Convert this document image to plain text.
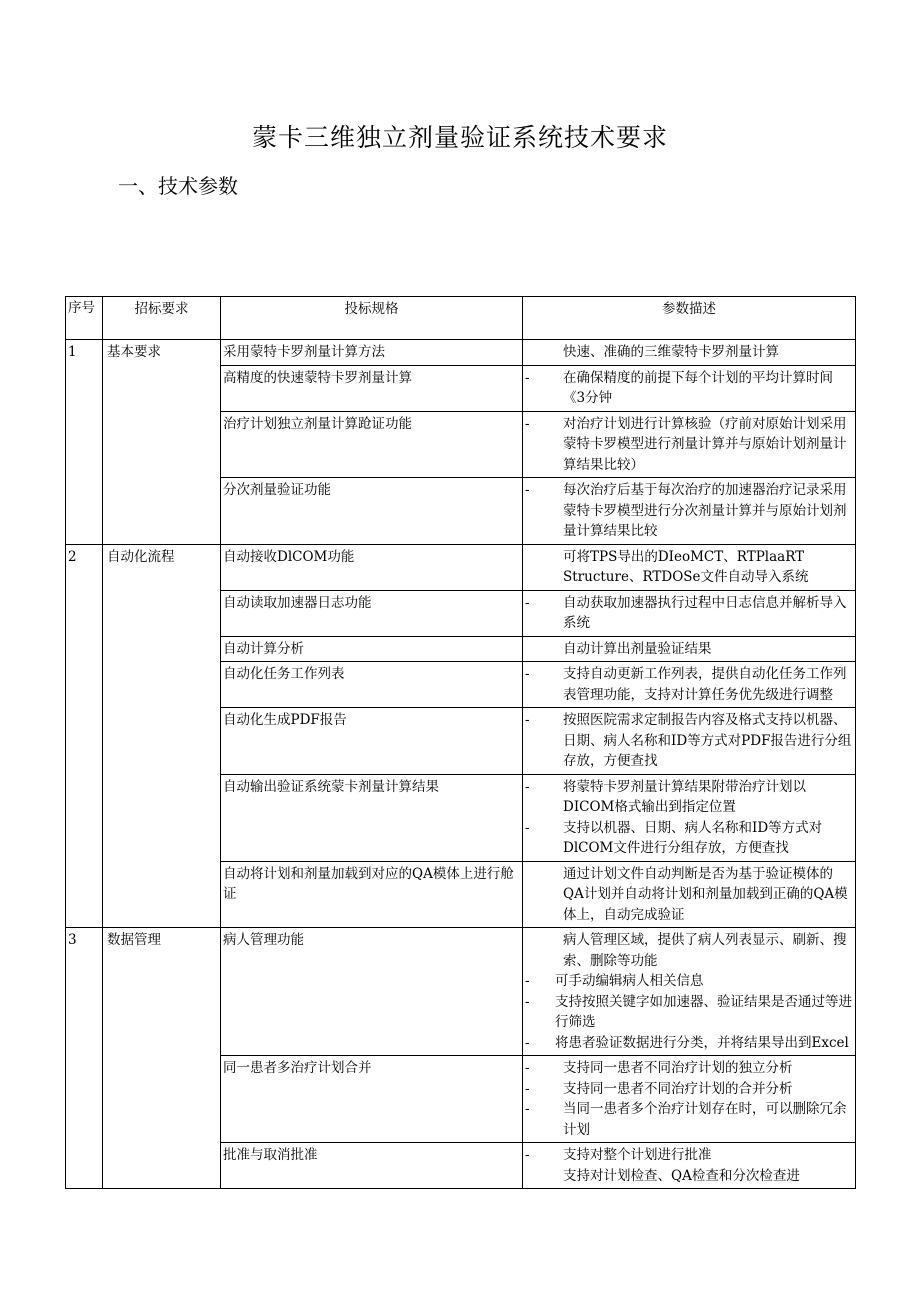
蒙卡三维独立剂量验证系统技术要求
一、技术参数
序号	招标要求	投标规格	参数描述
1	基本要求	采用蒙特卡罗剂量计算方法	快速、准确的三维蒙特卡罗剂量计算

		高精度的快速蒙特卡罗剂量计算	- 在确保精度的前提下每个计划的平均计算时间《3分钟

		治疗计划独立剂量计算跄证功能	- 对治疗计划进行计算核验（疗前对原始计划采用蒙特卡罗模型进行剂量计算并与原始计划剂量计算结果比较）

		分次剂量验证功能	- 每次治疗后基于每次治疗的加速器治疗记录采用蒙特卡罗模型进行分次剂量计算并与原始计划剂量计算结果比较

2	自动化流程	自动接收DlCOM功能	可将TPS导出的DIeoMCT、RTPlaaRT Structure、RTDOSe文件自动导入系统

		自动读取加速器日志功能	- 自动获取加速器执行过程中日志信息并解析导入系统

		自动计算分析	自动计算出剂量验证结果

		自动化任务工作列表	- 支持自动更新工作列表，提供自动化任务工作列表管理功能，支持对计算任务优先级进行调整

		自动化生成PDF报告	- 按照医院需求定制报告内容及格式支持以机器、日期、病人名称和ID等方式对PDF报告进行分组存放，方便查找

		自动输出验证系统蒙卡剂量计算结果	- 将蒙特卡罗剂量计算结果附带治疗计划以DICOM格式输出到指定位置
- 支持以机器、日期、病人名称和ID等方式对DlCOM文件进行分组存放，方便查找

		自动将计划和剂量加载到对应的QA模体上进行舱证	通过计划文件自动判断是否为基于验证模体的QA计划并自动将计划和剂量加载到正确的QA模体上，自动完成验证

3	数据管理	病人管理功能	病人管理区域，提供了病人列表显示、刷新、搜索、删除等功能
- 可手动编辑病人相关信息
- 支持按照关键字如加速器、验证结果是否通过等进行筛选
- 将患者验证数据进行分类，并将结果导出到Excel

		同一患者多治疗计划合并	- 支持同一患者不同治疗计划的独立分析
- 支持同一患者不同治疗计划的合并分析
- 当同一患者多个治疗计划存在时，可以删除冗余计划

		批准与取消批准	- 支持对整个计划进行批准
支持对计划检查、QA检查和分次检查进
